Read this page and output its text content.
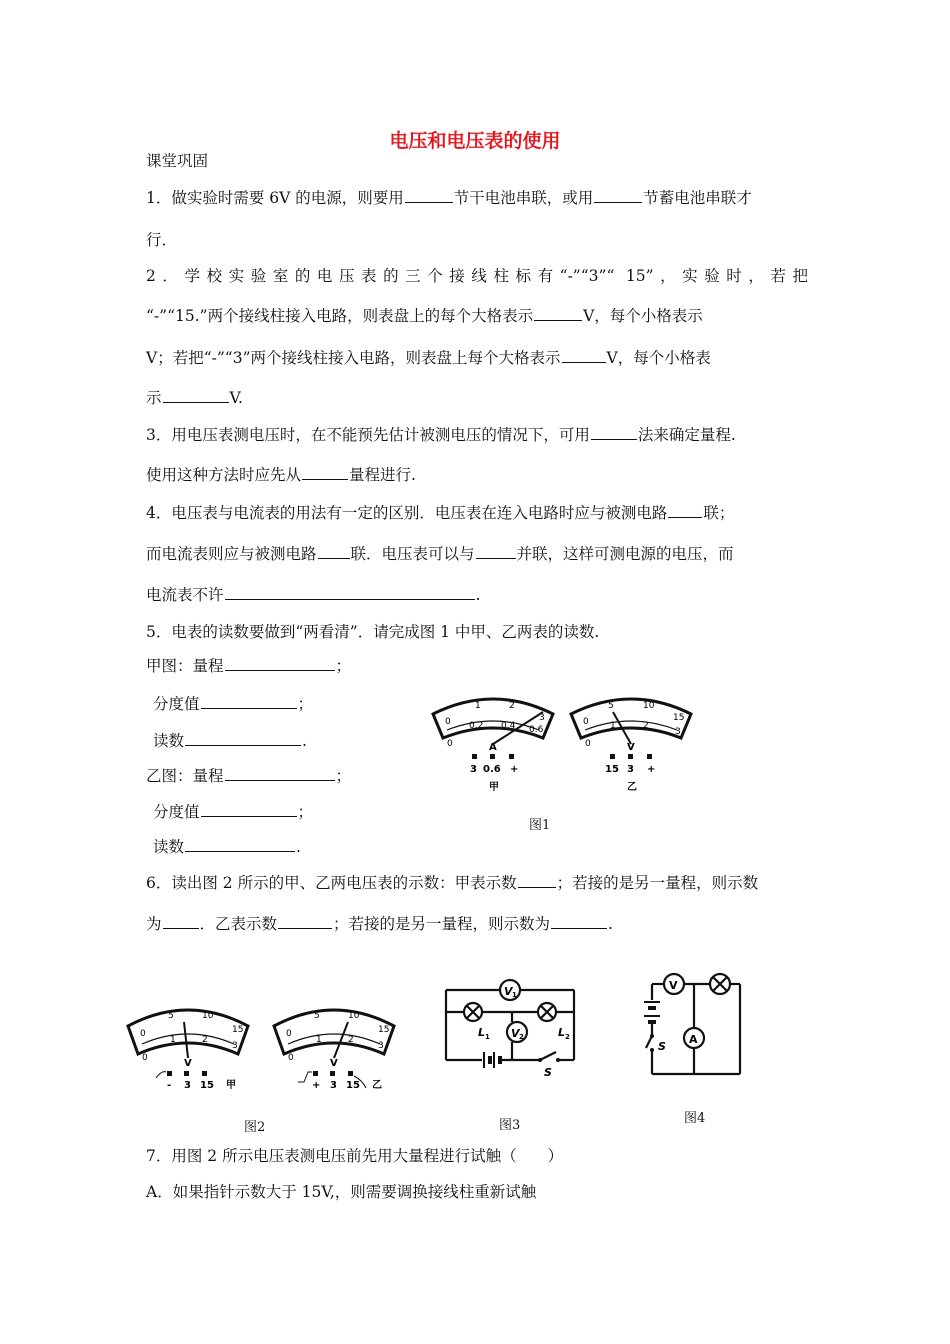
电压和电压表的使用
课堂巩固
1．做实验时需要 6V 的电源，则要用	节干电池串联，或用	节蓄电池串联才
行．
2．学校实验室的电压表的三个接线柱标有“-”“3”“ 15”，实验时，若把
“-”“15.”两个接线柱接入电路，则表盘上的每个大格表示	V，每个小格表示
V；若把“-”“3”两个接线柱接入电路，则表盘上每个大格表示	V，每个小格表
示	V.
3．用电压表测电压时，在不能预先估计被测电压的情况下，可用	法来确定量程.
使用这种方法时应先从	量程进行.
4．电压表与电流表的用法有一定的区别．电压表在连入电路时应与被测电路 联；
而电流表则应与被测电路 联．电压表可以与	并联，这样可测电源的电压，而
电流表不许	.
5．电表的读数要做到“两看清”．请完成图 1 中甲、乙两表的读数.
甲图：量程	；
分度值	；
读数	.
乙图：量程	；
分度值	；
读数	.
0
1	2
3
0
0.2 0.4 0.6
A
3 0.6 +
甲
0
5	10
15
0
1	2
3
V
15 3 +
乙
图1
6．读出图 2 所示的甲、乙两电压表的示数：甲表示数	；若接的是另一量程，则示数
为 ．乙表示数	；若接的是另一量程，则示数为	.
0
5	10
15
0
1	2
3
V
- 3 15 甲
0
5	10
15
0
1	2
3
V
+ 3 15 乙
图2
V 1
V 2
L 1	L 2
S
图3
V
A
S
图4
7．用图 2 所示电压表测电压前先用大量程进行试触（　　）
A．如果指针示数大于 15V,，则需要调换接线柱重新试触
